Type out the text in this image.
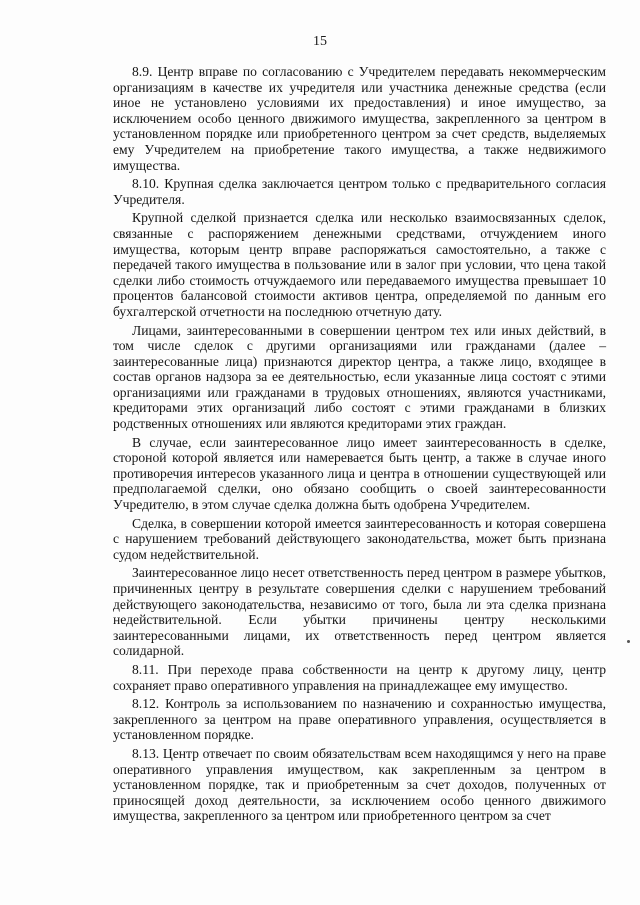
15

8.9. Центр вправе по согласованию с Учредителем передавать некоммерческим организациям в качестве их учредителя или участника денежные средства (если иное не установлено условиями их предоставления) и иное имущество, за исключением особо ценного движимого имущества, закрепленного за центром в установленном порядке или приобретенного центром за счет средств, выделяемых ему Учредителем на приобретение такого имущества, а также недвижимого имущества.

8.10. Крупная сделка заключается центром только с предварительного согласия Учредителя.

Крупной сделкой признается сделка или несколько взаимосвязанных сделок, связанные с распоряжением денежными средствами, отчуждением иного имущества, которым центр вправе распоряжаться самостоятельно, а также с передачей такого имущества в пользование или в залог при условии, что цена такой сделки либо стоимость отчуждаемого или передаваемого имущества превышает 10 процентов балансовой стоимости активов центра, определяемой по данным его бухгалтерской отчетности на последнюю отчетную дату.

Лицами, заинтересованными в совершении центром тех или иных действий, в том числе сделок с другими организациями или гражданами (далее – заинтересованные лица) признаются директор центра, а также лицо, входящее в состав органов надзора за ее деятельностью, если указанные лица состоят с этими организациями или гражданами в трудовых отношениях, являются участниками, кредиторами этих организаций либо состоят с этими гражданами в близких родственных отношениях или являются кредиторами этих граждан.

В случае, если заинтересованное лицо имеет заинтересованность в сделке, стороной которой является или намеревается быть центр, а также в случае иного противоречия интересов указанного лица и центра в отношении существующей или предполагаемой сделки, оно обязано сообщить о своей заинтересованности Учредителю, в этом случае сделка должна быть одобрена Учредителем.

Сделка, в совершении которой имеется заинтересованность и которая совершена с нарушением требований действующего законодательства, может быть признана судом недействительной.

Заинтересованное лицо несет ответственность перед центром в размере убытков, причиненных центру в результате совершения сделки с нарушением требований действующего законодательства, независимо от того, была ли эта сделка признана недействительной. Если убытки причинены центру несколькими заинтересованными лицами, их ответственность перед центром является солидарной.

8.11. При переходе права собственности на центр к другому лицу, центр сохраняет право оперативного управления на принадлежащее ему имущество.

8.12. Контроль за использованием по назначению и сохранностью имущества, закрепленного за центром на праве оперативного управления, осуществляется в установленном порядке.

8.13. Центр отвечает по своим обязательствам всем находящимся у него на праве оперативного управления имуществом, как закрепленным за центром в установленном порядке, так и приобретенным за счет доходов, полученных от приносящей доход деятельности, за исключением особо ценного движимого имущества, закрепленного за центром или приобретенного центром за счет
